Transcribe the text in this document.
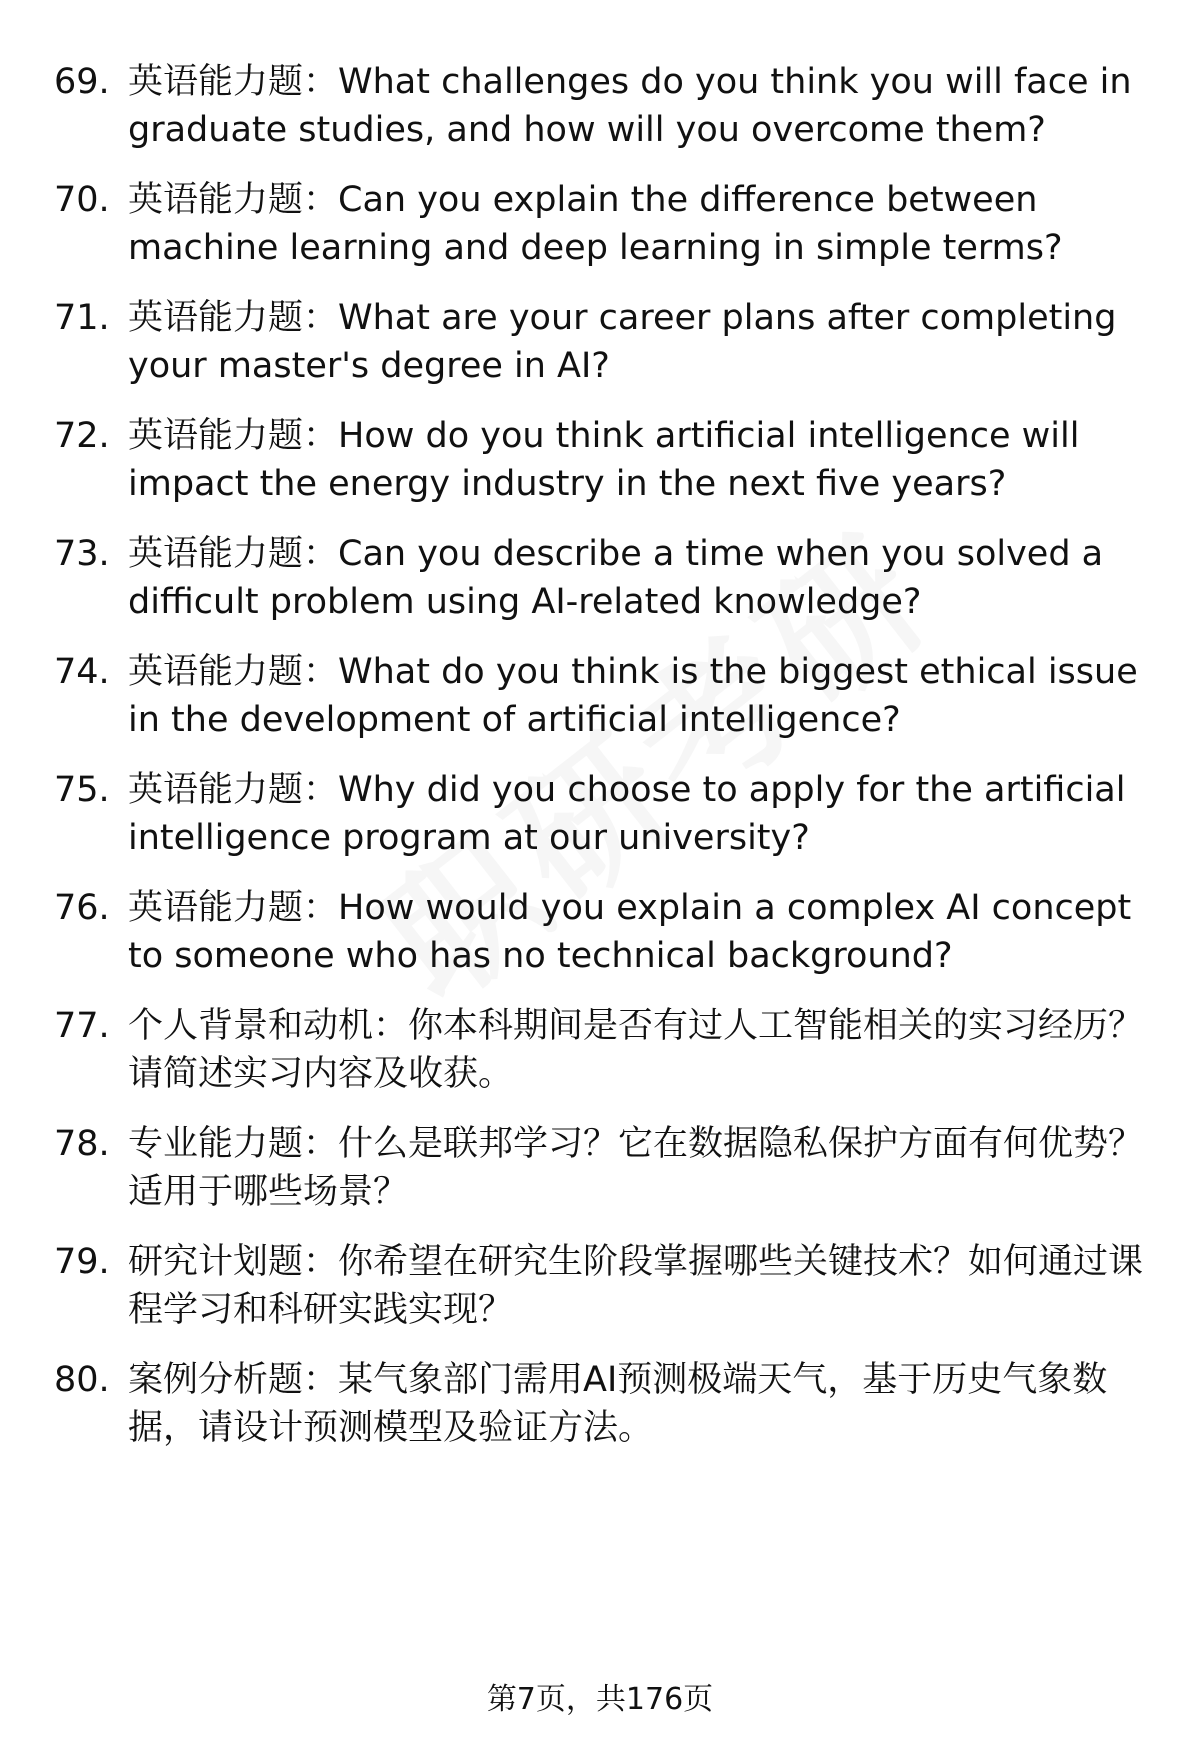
69. 英语能力题：What challenges do you think you will face in graduate studies, and how will you overcome them?
70. 英语能力题：Can you explain the difference between machine learning and deep learning in simple terms?
71. 英语能力题：What are your career plans after completing your master's degree in AI?
72. 英语能力题：How do you think artificial intelligence will impact the energy industry in the next five years?
73. 英语能力题：Can you describe a time when you solved a difficult problem using AI-related knowledge?
74. 英语能力题：What do you think is the biggest ethical issue in the development of artificial intelligence?
75. 英语能力题：Why did you choose to apply for the artificial intelligence program at our university?
76. 英语能力题：How would you explain a complex AI concept to someone who has no technical background?
77. 个人背景和动机：你本科期间是否有过人工智能相关的实习经历？请简述实习内容及收获。
78. 专业能力题：什么是联邦学习？它在数据隐私保护方面有何优势？适用于哪些场景？
79. 研究计划题：你希望在研究生阶段掌握哪些关键技术？如何通过课程学习和科研实践实现？
80. 案例分析题：某气象部门需用AI预测极端天气，基于历史气象数据，请设计预测模型及验证方法。
第7页，共176页
